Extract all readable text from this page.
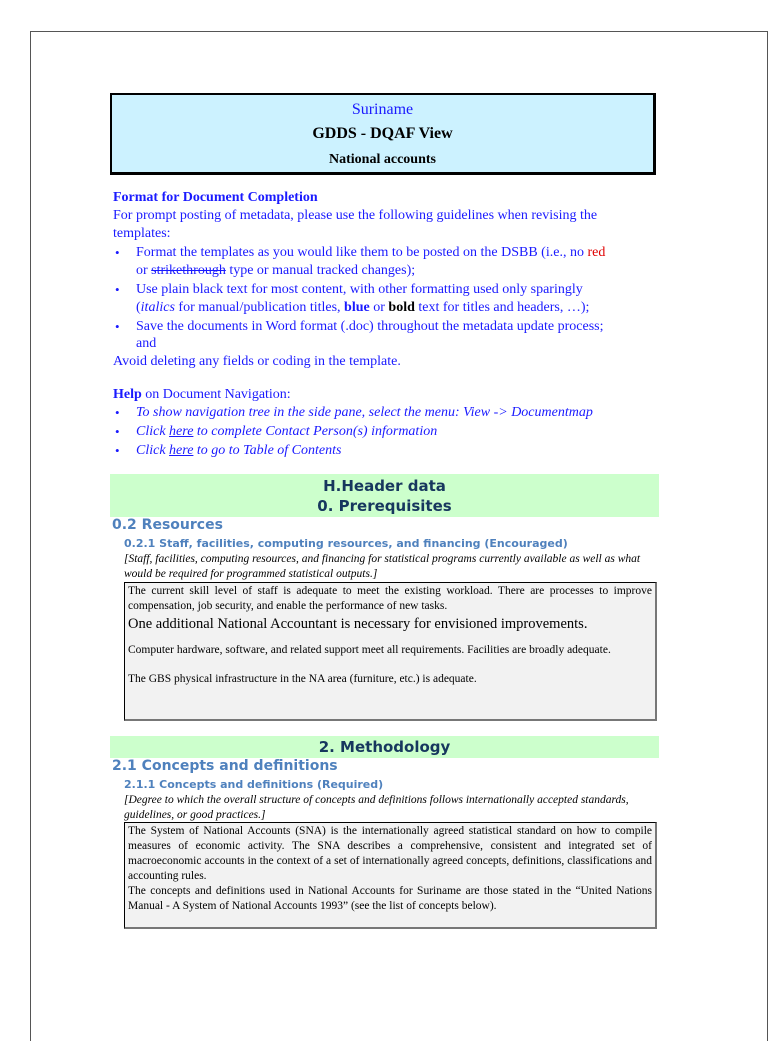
Suriname
GDDS - DQAF View
National accounts
Format for Document Completion
For prompt posting of metadata, please use the following guidelines when revising the
templates:
• Format the templates as you would like them to be posted on the DSBB (i.e., no red
or strikethrough type or manual tracked changes);
• Use plain black text for most content, with other formatting used only sparingly
(italics for manual/publication titles, blue or bold text for titles and headers, …);
• Save the documents in Word format (.doc) throughout the metadata update process;
and
Avoid deleting any fields or coding in the template.
Help on Document Navigation:
• To show navigation tree in the side pane, select the menu: View -> Documentmap
• Click here to complete Contact Person(s) information
• Click here to go to Table of Contents
H.Header data
0. Prerequisites
0.2 Resources
0.2.1 Staff, facilities, computing resources, and financing (Encouraged)
[Staff, facilities, computing resources, and financing for statistical programs currently available as well as what would be required for programmed statistical outputs.]

The current skill level of staff is adequate to meet the existing workload. There are processes to improve compensation, job security, and enable the performance of new tasks.

One additional National Accountant is necessary for envisioned improvements.

Computer hardware, software, and related support meet all requirements. Facilities are broadly adequate.

The GBS physical infrastructure in the NA area (furniture, etc.) is adequate.

2. Methodology
2.1 Concepts and definitions
2.1.1 Concepts and definitions (Required)
[Degree to which the overall structure of concepts and definitions follows internationally accepted standards, guidelines, or good practices.]

The System of National Accounts (SNA) is the internationally agreed statistical standard on how to compile measures of economic activity. The SNA describes a comprehensive, consistent and integrated set of macroeconomic accounts in the context of a set of internationally agreed concepts, definitions, classifications and accounting rules.

The concepts and definitions used in National Accounts for Suriname are those stated in the “United Nations Manual - A System of National Accounts 1993” (see the list of concepts below).
